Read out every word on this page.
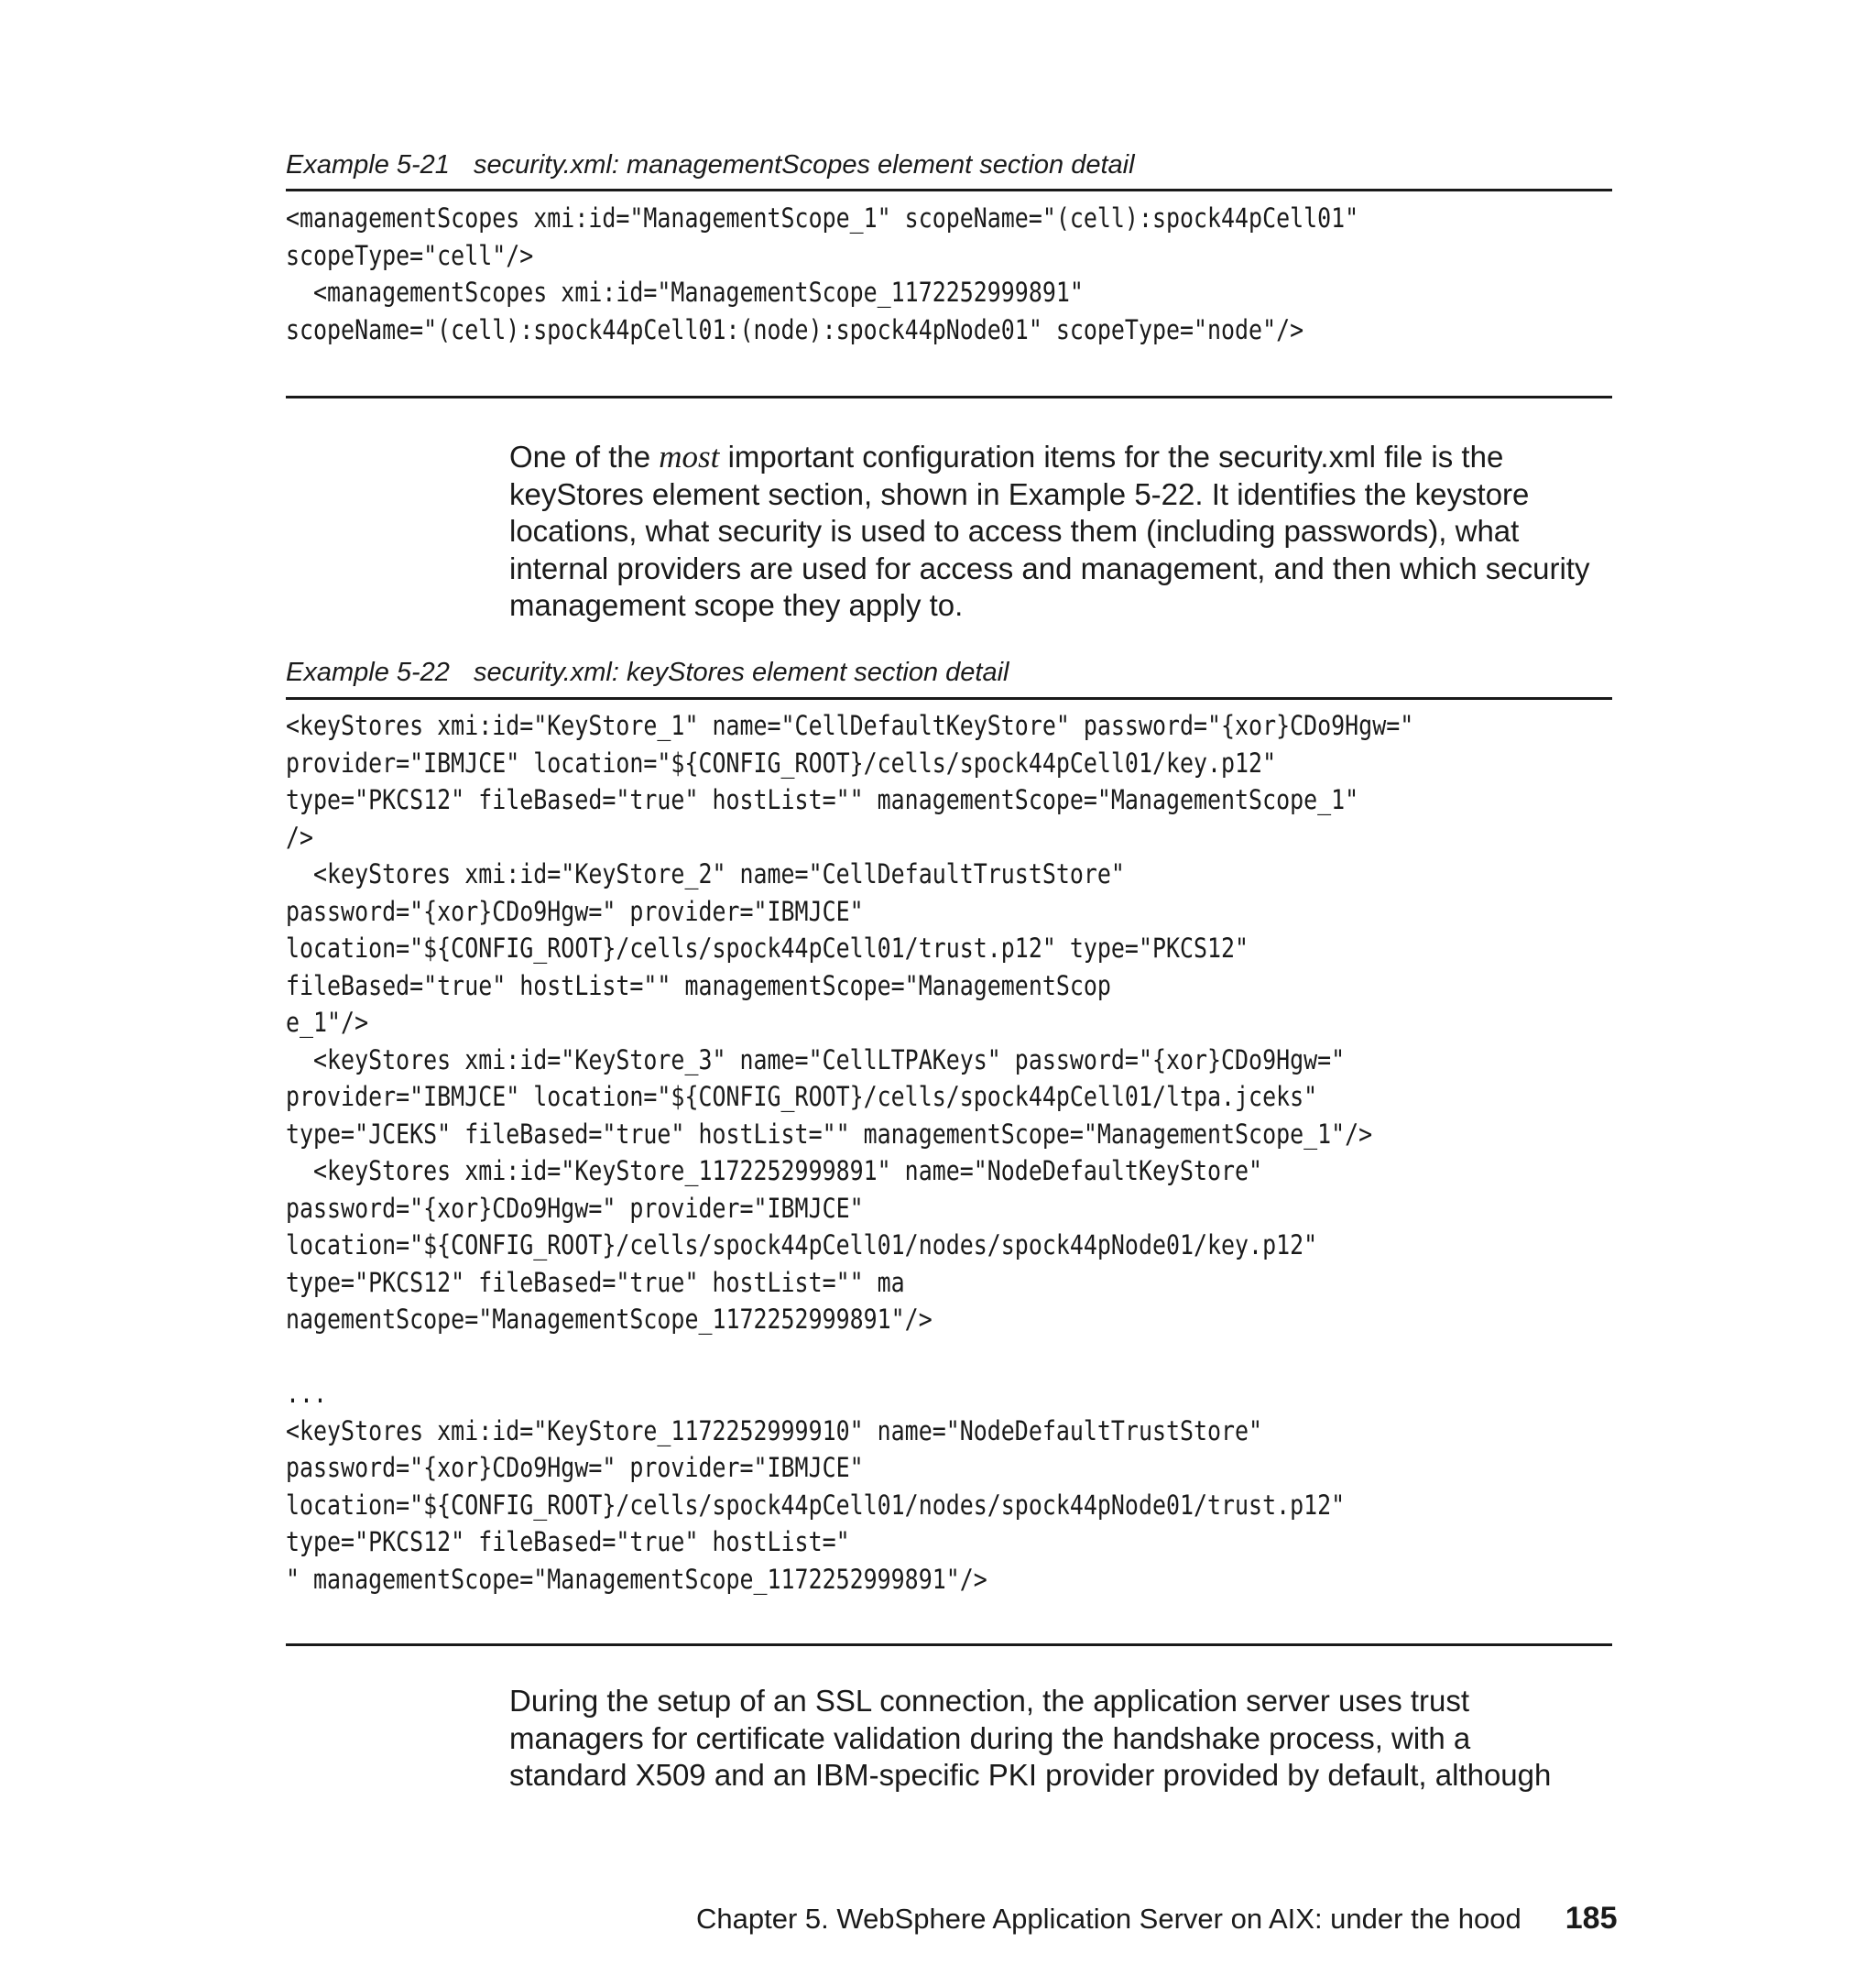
Example 5-21 security.xml: managementScopes element section detail
<managementScopes xmi:id="ManagementScope_1" scopeName="(cell):spock44pCell01"
scopeType="cell"/>
<managementScopes xmi:id="ManagementScope_1172252999891"
scopeName="(cell):spock44pCell01:(node):spock44pNode01" scopeType="node"/>
One of the most important configuration items for the security.xml file is the
keyStores element section, shown in Example 5-22. It identifies the keystore
locations, what security is used to access them (including passwords), what
internal providers are used for access and management, and then which security
management scope they apply to.
Example 5-22 security.xml: keyStores element section detail
<keyStores xmi:id="KeyStore_1" name="CellDefaultKeyStore" password="{xor}CDo9Hgw="
provider="IBMJCE" location="${CONFIG_ROOT}/cells/spock44pCell01/key.p12"
type="PKCS12" fileBased="true" hostList="" managementScope="ManagementScope_1"
/>
<keyStores xmi:id="KeyStore_2" name="CellDefaultTrustStore"
password="{xor}CDo9Hgw=" provider="IBMJCE"
location="${CONFIG_ROOT}/cells/spock44pCell01/trust.p12" type="PKCS12"
fileBased="true" hostList="" managementScope="ManagementScop
e_1"/>
<keyStores xmi:id="KeyStore_3" name="CellLTPAKeys" password="{xor}CDo9Hgw="
provider="IBMJCE" location="${CONFIG_ROOT}/cells/spock44pCell01/ltpa.jceks"
type="JCEKS" fileBased="true" hostList="" managementScope="ManagementScope_1"/>
<keyStores xmi:id="KeyStore_1172252999891" name="NodeDefaultKeyStore"
password="{xor}CDo9Hgw=" provider="IBMJCE"
location="${CONFIG_ROOT}/cells/spock44pCell01/nodes/spock44pNode01/key.p12"
type="PKCS12" fileBased="true" hostList="" ma
nagementScope="ManagementScope_1172252999891"/>
...
<keyStores xmi:id="KeyStore_1172252999910" name="NodeDefaultTrustStore"
password="{xor}CDo9Hgw=" provider="IBMJCE"
location="${CONFIG_ROOT}/cells/spock44pCell01/nodes/spock44pNode01/trust.p12"
type="PKCS12" fileBased="true" hostList="
" managementScope="ManagementScope_1172252999891"/>
During the setup of an SSL connection, the application server uses trust
managers for certificate validation during the handshake process, with a
standard X509 and an IBM-specific PKI provider provided by default, although
Chapter 5. WebSphere Application Server on AIX: under the hood 185
